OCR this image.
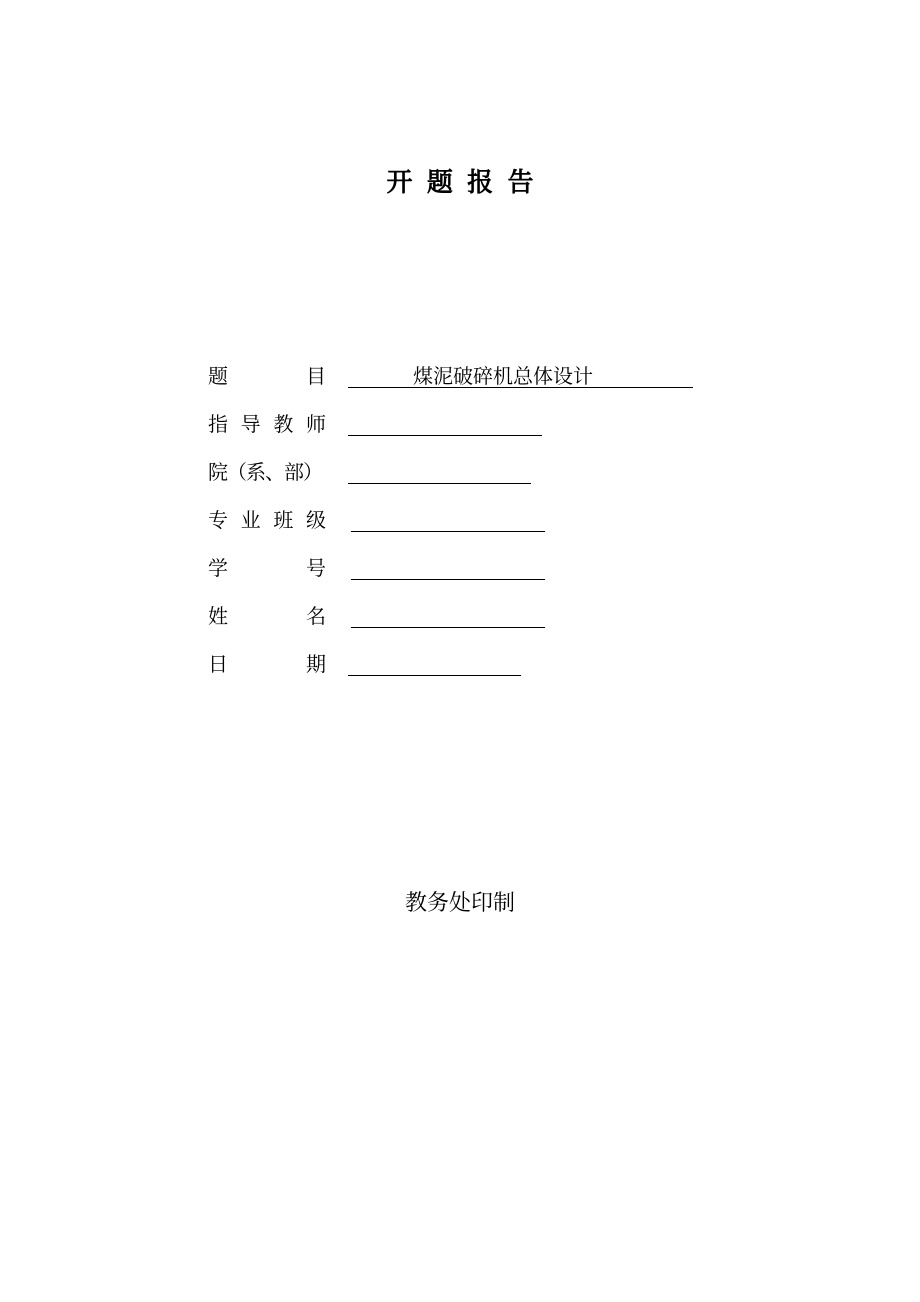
开题报告
题	目	煤泥破碎机总体设计
指 导 教 师
院（系、部）
专 业 班 级
学	号
姓	名
日	期
教务处印制
